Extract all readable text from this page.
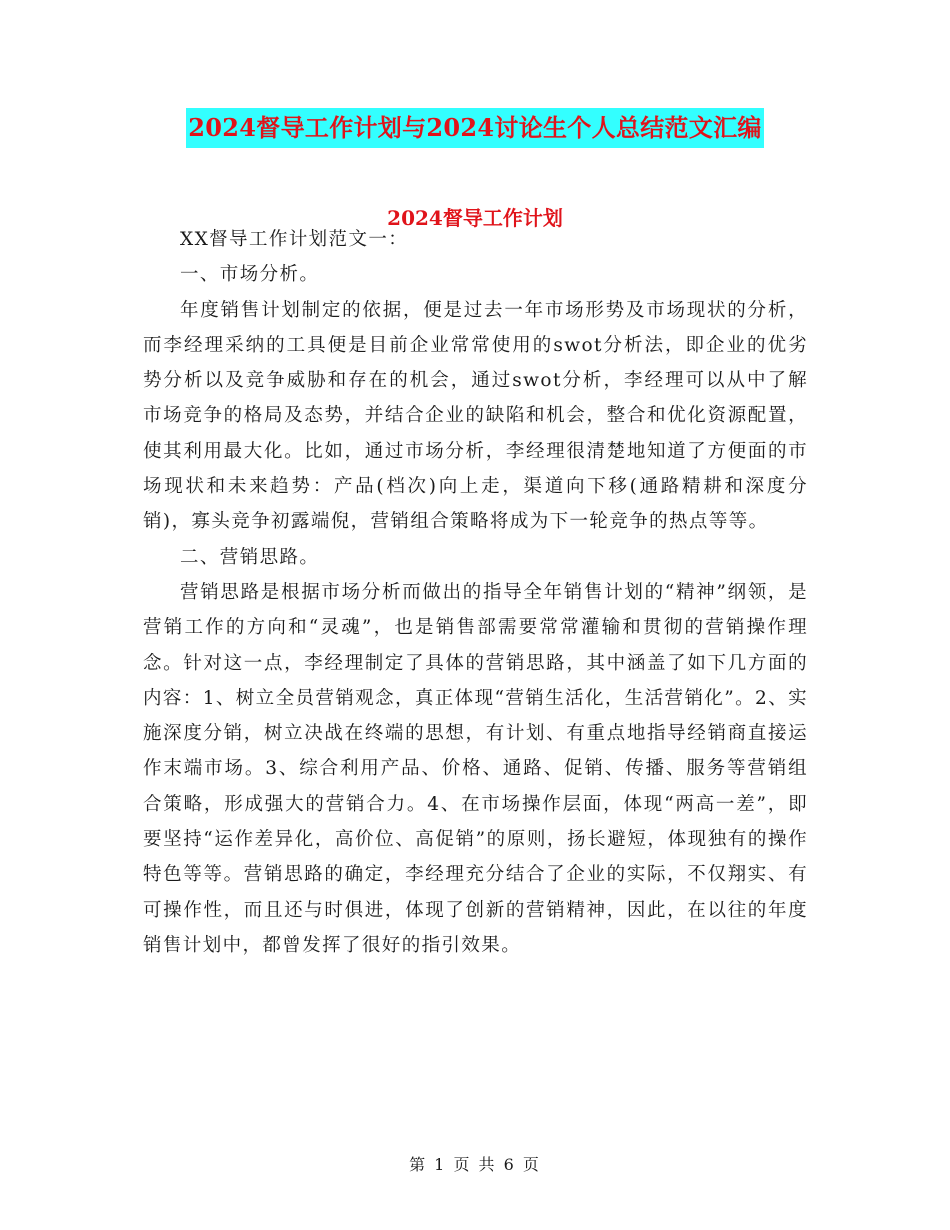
2024督导工作计划与2024讨论生个人总结范文汇编
2024督导工作计划

XX督导工作计划范文一：

一、市场分析。

年度销售计划制定的依据，便是过去一年市场形势及市场现状的分析，而李经理采纳的工具便是目前企业常常使用的swot分析法，即企业的优劣势分析以及竞争威胁和存在的机会，通过swot分析，李经理可以从中了解市场竞争的格局及态势，并结合企业的缺陷和机会，整合和优化资源配置，使其利用最大化。比如，通过市场分析，李经理很清楚地知道了方便面的市场现状和未来趋势：产品(档次)向上走，渠道向下移(通路精耕和深度分销)，寡头竞争初露端倪，营销组合策略将成为下一轮竞争的热点等等。

二、营销思路。

营销思路是根据市场分析而做出的指导全年销售计划的“精神”纲领，是营销工作的方向和“灵魂”，也是销售部需要常常灌输和贯彻的营销操作理念。针对这一点，李经理制定了具体的营销思路，其中涵盖了如下几方面的内容：1、树立全员营销观念，真正体现“营销生活化，生活营销化”。2、实施深度分销，树立决战在终端的思想，有计划、有重点地指导经销商直接运作末端市场。3、综合利用产品、价格、通路、促销、传播、服务等营销组合策略，形成强大的营销合力。4、在市场操作层面，体现“两高一差”，即要坚持“运作差异化，高价位、高促销”的原则，扬长避短，体现独有的操作特色等等。营销思路的确定，李经理充分结合了企业的实际，不仅翔实、有可操作性，而且还与时俱进，体现了创新的营销精神，因此，在以往的年度销售计划中，都曾发挥了很好的指引效果。

第 1 页 共 6 页
